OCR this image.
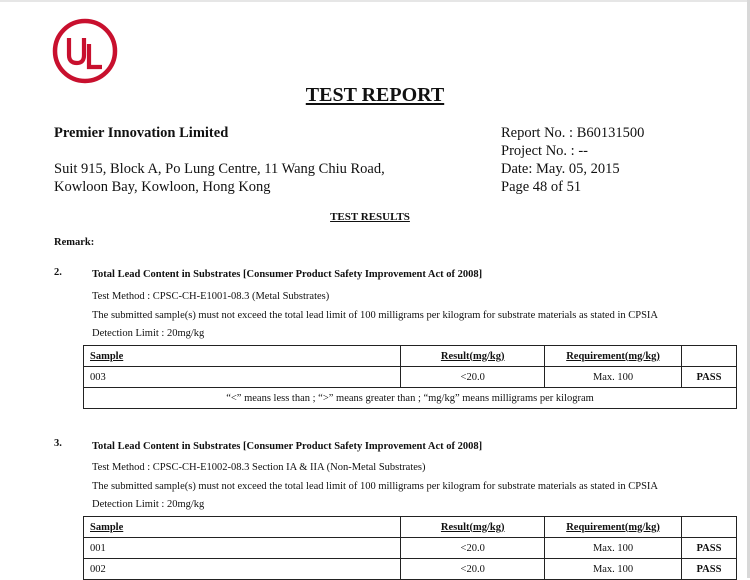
TEST REPORT
Premier Innovation Limited
Suit 915, Block A, Po Lung Centre, 11 Wang Chiu Road,
Kowloon Bay, Kowloon, Hong Kong
Report No. : B60131500
Project No. : --
Date: May. 05, 2015
Page 48 of 51
TEST RESULTS
Remark:
2.	Total Lead Content in Substrates [Consumer Product Safety Improvement Act of 2008]
Test Method : CPSC-CH-E1001-08.3 (Metal Substrates)
The submitted sample(s) must not exceed the total lead limit of 100 milligrams per kilogram for substrate materials as stated in CPSIA
Detection Limit : 20mg/kg
Sample	Result(mg/kg)	Requirement(mg/kg)	
003	<20.0	Max. 100	PASS
“<” means less than ; “>” means greater than ; “mg/kg” means milligrams per kilogram			
3.	Total Lead Content in Substrates [Consumer Product Safety Improvement Act of 2008]
Test Method : CPSC-CH-E1002-08.3 Section IA & IIA (Non-Metal Substrates)
The submitted sample(s) must not exceed the total lead limit of 100 milligrams per kilogram for substrate materials as stated in CPSIA
Detection Limit : 20mg/kg
Sample	Result(mg/kg)	Requirement(mg/kg)	
001	<20.0	Max. 100	PASS
002	<20.0	Max. 100	PASS
